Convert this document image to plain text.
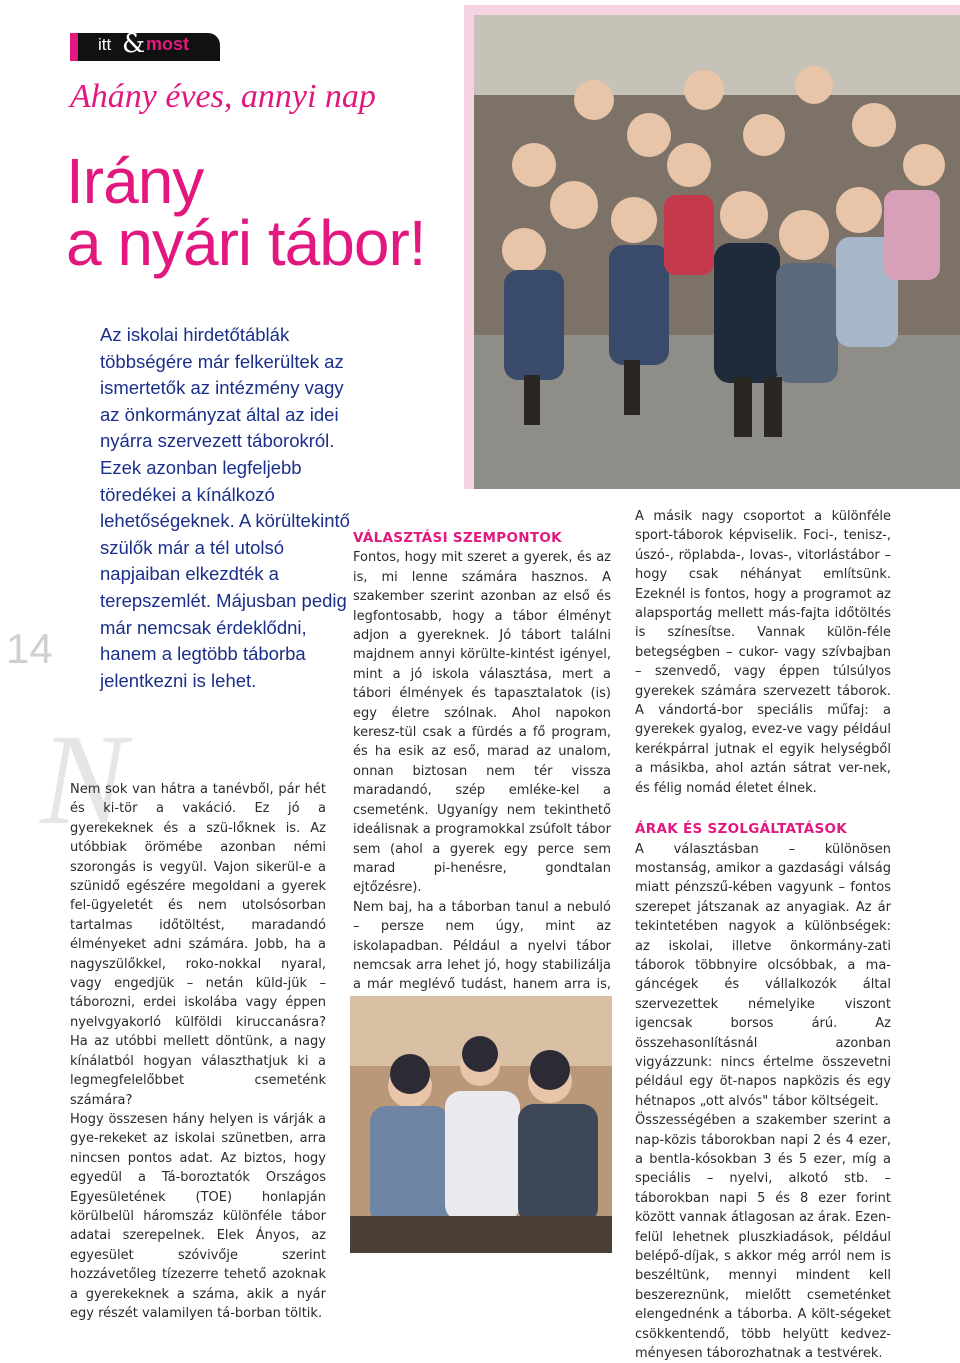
itt & most
Ahány éves, annyi nap
Irány
a nyári tábor!
14
Az iskolai hirdetőtáblák többségére már felkerültek az ismertetők az intézmény vagy az önkormányzat által az idei nyárra szervezett táborokról. Ezek azonban legfeljebb töredékei a kínálkozó lehetőségeknek. A körültekintő szülők már a tél utolsó napjaiban elkezdték a terepszemlét. Májusban pedig már nemcsak érdeklődni, hanem a legtöbb táborba jelentkezni is lehet.
N

Nem sok van hátra a tanévből, pár hét és ki-tör a vakáció. Ez jó a gyerekeknek és a szü-lőknek is. Az utóbbiak örömébe azonban némi szorongás is vegyül. Vajon sikerül-e a szünidő egészére megoldani a gyerek fel-ügyeletét és nem utolsósorban tartalmas időtöltést, maradandó élményeket adni számára. Jobb, ha a nagyszülőkkel, roko-nokkal nyaral, vagy engedjük – netán küld-jük – táborozni, erdei iskolába vagy éppen nyelvgyakorló külföldi kiruccanásra? Ha az utóbbi mellett döntünk, a nagy kínálatból hogyan választhatjuk ki a legmegfelelőbbet csemeténk számára?

Hogy összesen hány helyen is várják a gye-rekeket az iskolai szünetben, arra nincsen pontos adat. Az biztos, hogy egyedül a Tá-boroztatók Országos Egyesületének (TOE) honlapján körülbelül háromszáz különféle tábor adatai szerepelnek. Elek Ányos, az egyesület szóvivője szerint hozzávetőleg tízezerre tehető azoknak a gyerekeknek a száma, akik a nyár egy részét valamilyen tá-borban töltik.

VÁLASZTÁSI SZEMPONTOK

Fontos, hogy mit szeret a gyerek, és az is, mi lenne számára hasznos. A szakember szerint azonban az első és legfontosabb, hogy a tábor élményt adjon a gyereknek. Jó tábort találni majdnem annyi körülte-kintést igényel, mint a jó iskola választása, mert a tábori élmények és tapasztalatok (is) egy életre szólnak. Ahol napokon keresz-tül csak a fürdés a fő program, és ha esik az eső, marad az unalom, onnan biztosan nem tér vissza maradandó, szép emléke-kel a csemeténk. Ugyanígy nem tekinthető ideálisnak a programokkal zsúfolt tábor sem (ahol a gyerek egy perce sem marad pi-henésre, gondtalan ejtőzésre).

Nem baj, ha a táborban tanul a nebuló – persze nem úgy, mint az iskolapadban. Például a nyelvi tábor nemcsak arra lehet jó, hogy stabilizálja a már meglévő tudást, hanem arra is,

A másik nagy csoportot a különféle sport-táborok képviselik. Foci-, tenisz-, úszó-, röplabda-, lovas-, vitorlástábor – hogy csak néhányat említsünk. Ezeknél is fontos, hogy a programot az alapsportág mellett más-fajta időtöltés is színesítse. Vannak külön-féle betegségben – cukor- vagy szívbajban – szenvedő, vagy éppen túlsúlyos gyerekek számára szervezett táborok. A vándortá-bor speciális műfaj: a gyerekek gyalog, evez-ve vagy például kerékpárral jutnak el egyik helységből a másikba, ahol aztán sátrat ver-nek, és félig nomád életet élnek.

ÁRAK ÉS SZOLGÁLTATÁSOK

A választásban – különösen mostanság, amikor a gazdasági válság miatt pénzszű-kében vagyunk – fontos szerepet játszanak az anyagiak. Az ár tekintetében nagyok a különbségek: az iskolai, illetve önkormány-zati táborok többnyire olcsóbbak, a ma-gáncégek és vállalkozók által szervezettek némelyike viszont igencsak borsos árú. Az összehasonlításnál azonban vigyázzunk: nincs értelme összevetni például egy öt-napos napközis és egy hétnapos „ott alvós" tábor költségeit.

Összességében a szakember szerint a nap-közis táborokban napi 2 és 4 ezer, a bentla-kósokban 3 és 5 ezer, míg a speciális – nyelvi, alkotó stb. – táborokban napi 5 és 8 ezer forint között vannak átlagosan az árak. Ezen-felül lehetnek pluszkiadások, például belépő-díjak, s akkor még arról nem is beszéltünk, mennyi mindent kell beszereznünk, mielőtt csemeténket elengednénk a táborba. A költ-ségeket csökkentendő, több helyütt kedvez-ményesen táborozhatnak a testvérek.
